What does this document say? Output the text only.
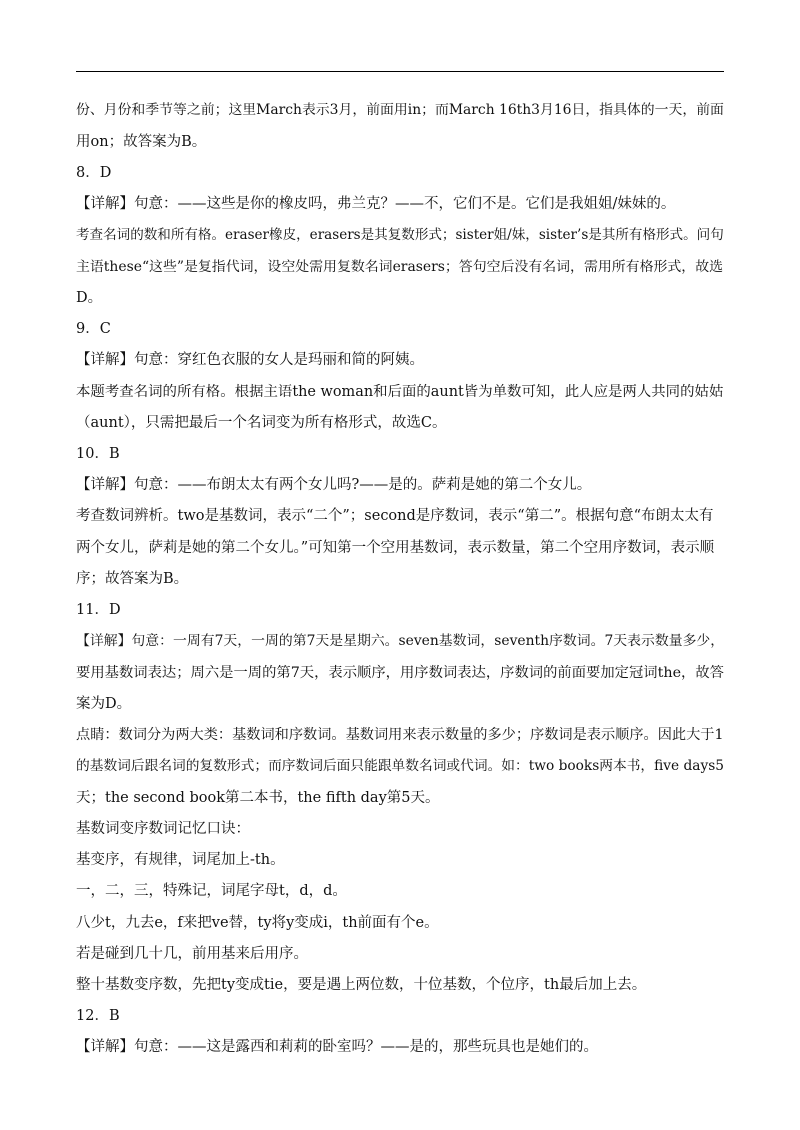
份、月份和季节等之前；这里March表示3月，前面用in；而March 16th3月16日，指具体的一天，前面
用on；故答案为B。
8．D
【详解】句意：——这些是你的橡皮吗，弗兰克？——不，它们不是。它们是我姐姐/妹妹的。
考查名词的数和所有格。eraser橡皮，erasers是其复数形式；sister姐/妹，sister’s是其所有格形式。问句
主语these“这些”是复指代词，设空处需用复数名词erasers；答句空后没有名词，需用所有格形式，故选
D。
9．C
【详解】句意：穿红色衣服的女人是玛丽和简的阿姨。
本题考查名词的所有格。根据主语the woman和后面的aunt皆为单数可知，此人应是两人共同的姑姑
（aunt），只需把最后一个名词变为所有格形式，故选C。
10．B
【详解】句意：——布朗太太有两个女儿吗?——是的。萨莉是她的第二个女儿。
考查数词辨析。two是基数词，表示“二个”；second是序数词，表示“第二”。根据句意“布朗太太有
两个女儿，萨莉是她的第二个女儿。”可知第一个空用基数词，表示数量，第二个空用序数词，表示顺
序；故答案为B。
11．D
【详解】句意：一周有7天，一周的第7天是星期六。seven基数词，seventh序数词。7天表示数量多少，
要用基数词表达；周六是一周的第7天，表示顺序，用序数词表达，序数词的前面要加定冠词the，故答
案为D。
点睛：数词分为两大类：基数词和序数词。基数词用来表示数量的多少；序数词是表示顺序。因此大于1
的基数词后跟名词的复数形式；而序数词后面只能跟单数名词或代词。如：two books两本书，five days5
天；the second book第二本书，the fifth day第5天。
基数词变序数词记忆口诀：
基变序，有规律，词尾加上-th。
一，二，三，特殊记，词尾字母t，d，d。
八少t，九去e，f来把ve替，ty将y变成i，th前面有个e。
若是碰到几十几，前用基来后用序。
整十基数变序数，先把ty变成tie，要是遇上两位数，十位基数，个位序，th最后加上去。
12．B
【详解】句意：——这是露西和莉莉的卧室吗？——是的，那些玩具也是她们的。
